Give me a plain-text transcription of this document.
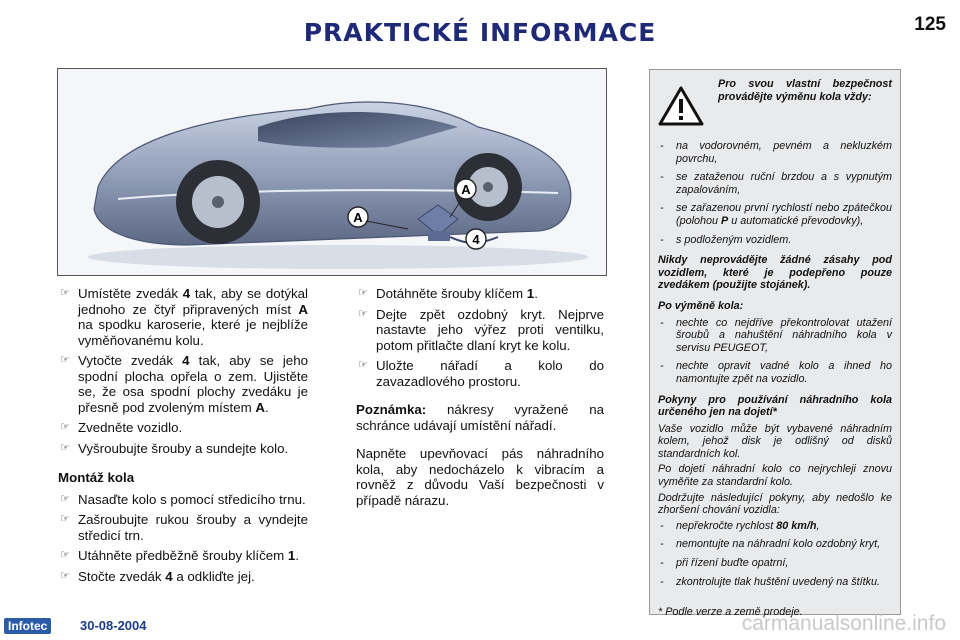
PRAKTICKÉ INFORMACE	125
A
A
4
☞ Umístěte zvedák 4 tak, aby se dotýkal jednoho ze čtyř připravených míst A na spodku karoserie, které je nejblíže vyměňovanému kolu.
☞ Vytočte zvedák 4 tak, aby se jeho spodní plocha opřela o zem. Ujistěte se, že osa spodní plochy zvedáku je přesně pod zvoleným místem A.
☞ Zvedněte vozidlo.
☞ Vyšroubujte šrouby a sundejte kolo.
Montáž kola
☞ Nasaďte kolo s pomocí středicího trnu.
☞ Zašroubujte rukou šrouby a vyndejte středicí trn.
☞ Utáhněte předběžně šrouby klíčem 1.
☞ Stočte zvedák 4 a odkliďte jej.
☞ Dotáhněte šrouby klíčem 1.
☞ Dejte zpět ozdobný kryt. Nejprve nastavte jeho výřez proti ventilku, potom přitlačte dlaní kryt ke kolu.
☞ Uložte nářadí a kolo do zavazadlového prostoru.

Poznámka: nákresy vyražené na schránce udávají umístění nářadí.

Napněte upevňovací pás náhradního kola, aby nedocházelo k vibracím a rovněž z důvodu Vaší bezpečnosti v případě nárazu.

Pro svou vlastní bezpečnost provádějte výměnu kola vždy:
- na vodorovném, pevném a nekluzkém povrchu,
- se zataženou ruční brzdou a s vypnutým zapalováním,
- se zařazenou první rychlostí nebo zpátečkou (polohou P u automatické převodovky),
- s podloženým vozidlem.
Nikdy neprovádějte žádné zásahy pod vozidlem, které je podepřeno pouze zvedákem (použijte stojánek).
Po výměně kola:
- nechte co nejdříve překontrolovat utažení šroubů a nahuštění náhradního kola v servisu PEUGEOT,
- nechte opravit vadné kolo a ihned ho namontujte zpět na vozidlo.
Pokyny pro používání náhradního kola určeného jen na dojetí*
Vaše vozidlo může být vybavené náhradním kolem, jehož disk je odlišný od disků standardních kol.
Po dojetí náhradní kolo co nejrychleji znovu vyměňte za standardní kolo.
Dodržujte následující pokyny, aby nedošlo ke zhoršení chování vozidla:
- nepřekročte rychlost 80 km/h,
- nemontujte na náhradní kolo ozdobný kryt,
- při řízení buďte opatrní,
- zkontrolujte tlak huštění uvedený na štítku.
* Podle verze a země prodeje.
Infotec	30-08-2004	carmanualsonline.info
